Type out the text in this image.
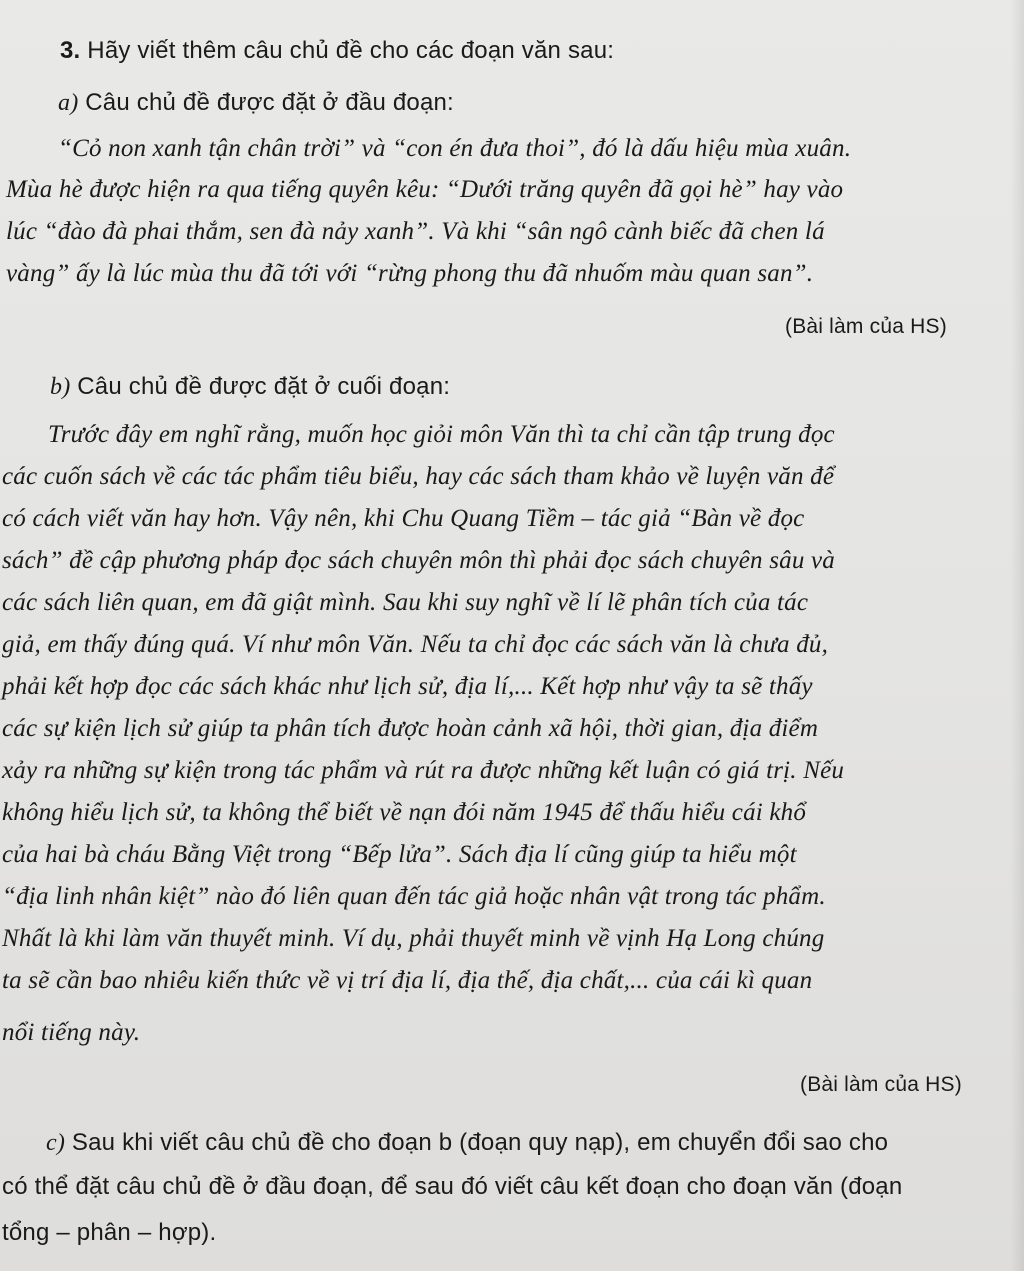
3. Hãy viết thêm câu chủ đề cho các đoạn văn sau:
a) Câu chủ đề được đặt ở đầu đoạn:
“Cỏ non xanh tận chân trời” và “con én đưa thoi”, đó là dấu hiệu mùa xuân.
Mùa hè được hiện ra qua tiếng quyên kêu: “Dưới trăng quyên đã gọi hè” hay vào
lúc “đào đà phai thắm, sen đà nảy xanh”. Và khi “sân ngô cành biếc đã chen lá
vàng” ấy là lúc mùa thu đã tới với “rừng phong thu đã nhuốm màu quan san”.
(Bài làm của HS)
b) Câu chủ đề được đặt ở cuối đoạn:
Trước đây em nghĩ rằng, muốn học giỏi môn Văn thì ta chỉ cần tập trung đọc
các cuốn sách về các tác phẩm tiêu biểu, hay các sách tham khảo về luyện văn để
có cách viết văn hay hơn. Vậy nên, khi Chu Quang Tiềm – tác giả “Bàn về đọc
sách” đề cập phương pháp đọc sách chuyên môn thì phải đọc sách chuyên sâu và
các sách liên quan, em đã giật mình. Sau khi suy nghĩ về lí lẽ phân tích của tác
giả, em thấy đúng quá. Ví như môn Văn. Nếu ta chỉ đọc các sách văn là chưa đủ,
phải kết hợp đọc các sách khác như lịch sử, địa lí,... Kết hợp như vậy ta sẽ thấy
các sự kiện lịch sử giúp ta phân tích được hoàn cảnh xã hội, thời gian, địa điểm
xảy ra những sự kiện trong tác phẩm và rút ra được những kết luận có giá trị. Nếu
không hiểu lịch sử, ta không thể biết về nạn đói năm 1945 để thấu hiểu cái khổ
của hai bà cháu Bằng Việt trong “Bếp lửa”. Sách địa lí cũng giúp ta hiểu một
“địa linh nhân kiệt” nào đó liên quan đến tác giả hoặc nhân vật trong tác phẩm.
Nhất là khi làm văn thuyết minh. Ví dụ, phải thuyết minh về vịnh Hạ Long chúng
ta sẽ cần bao nhiêu kiến thức về vị trí địa lí, địa thế, địa chất,... của cái kì quan
nổi tiếng này.
(Bài làm của HS)
c) Sau khi viết câu chủ đề cho đoạn b (đoạn quy nạp), em chuyển đổi sao cho
có thể đặt câu chủ đề ở đầu đoạn, để sau đó viết câu kết đoạn cho đoạn văn (đoạn
tổng – phân – hợp).
